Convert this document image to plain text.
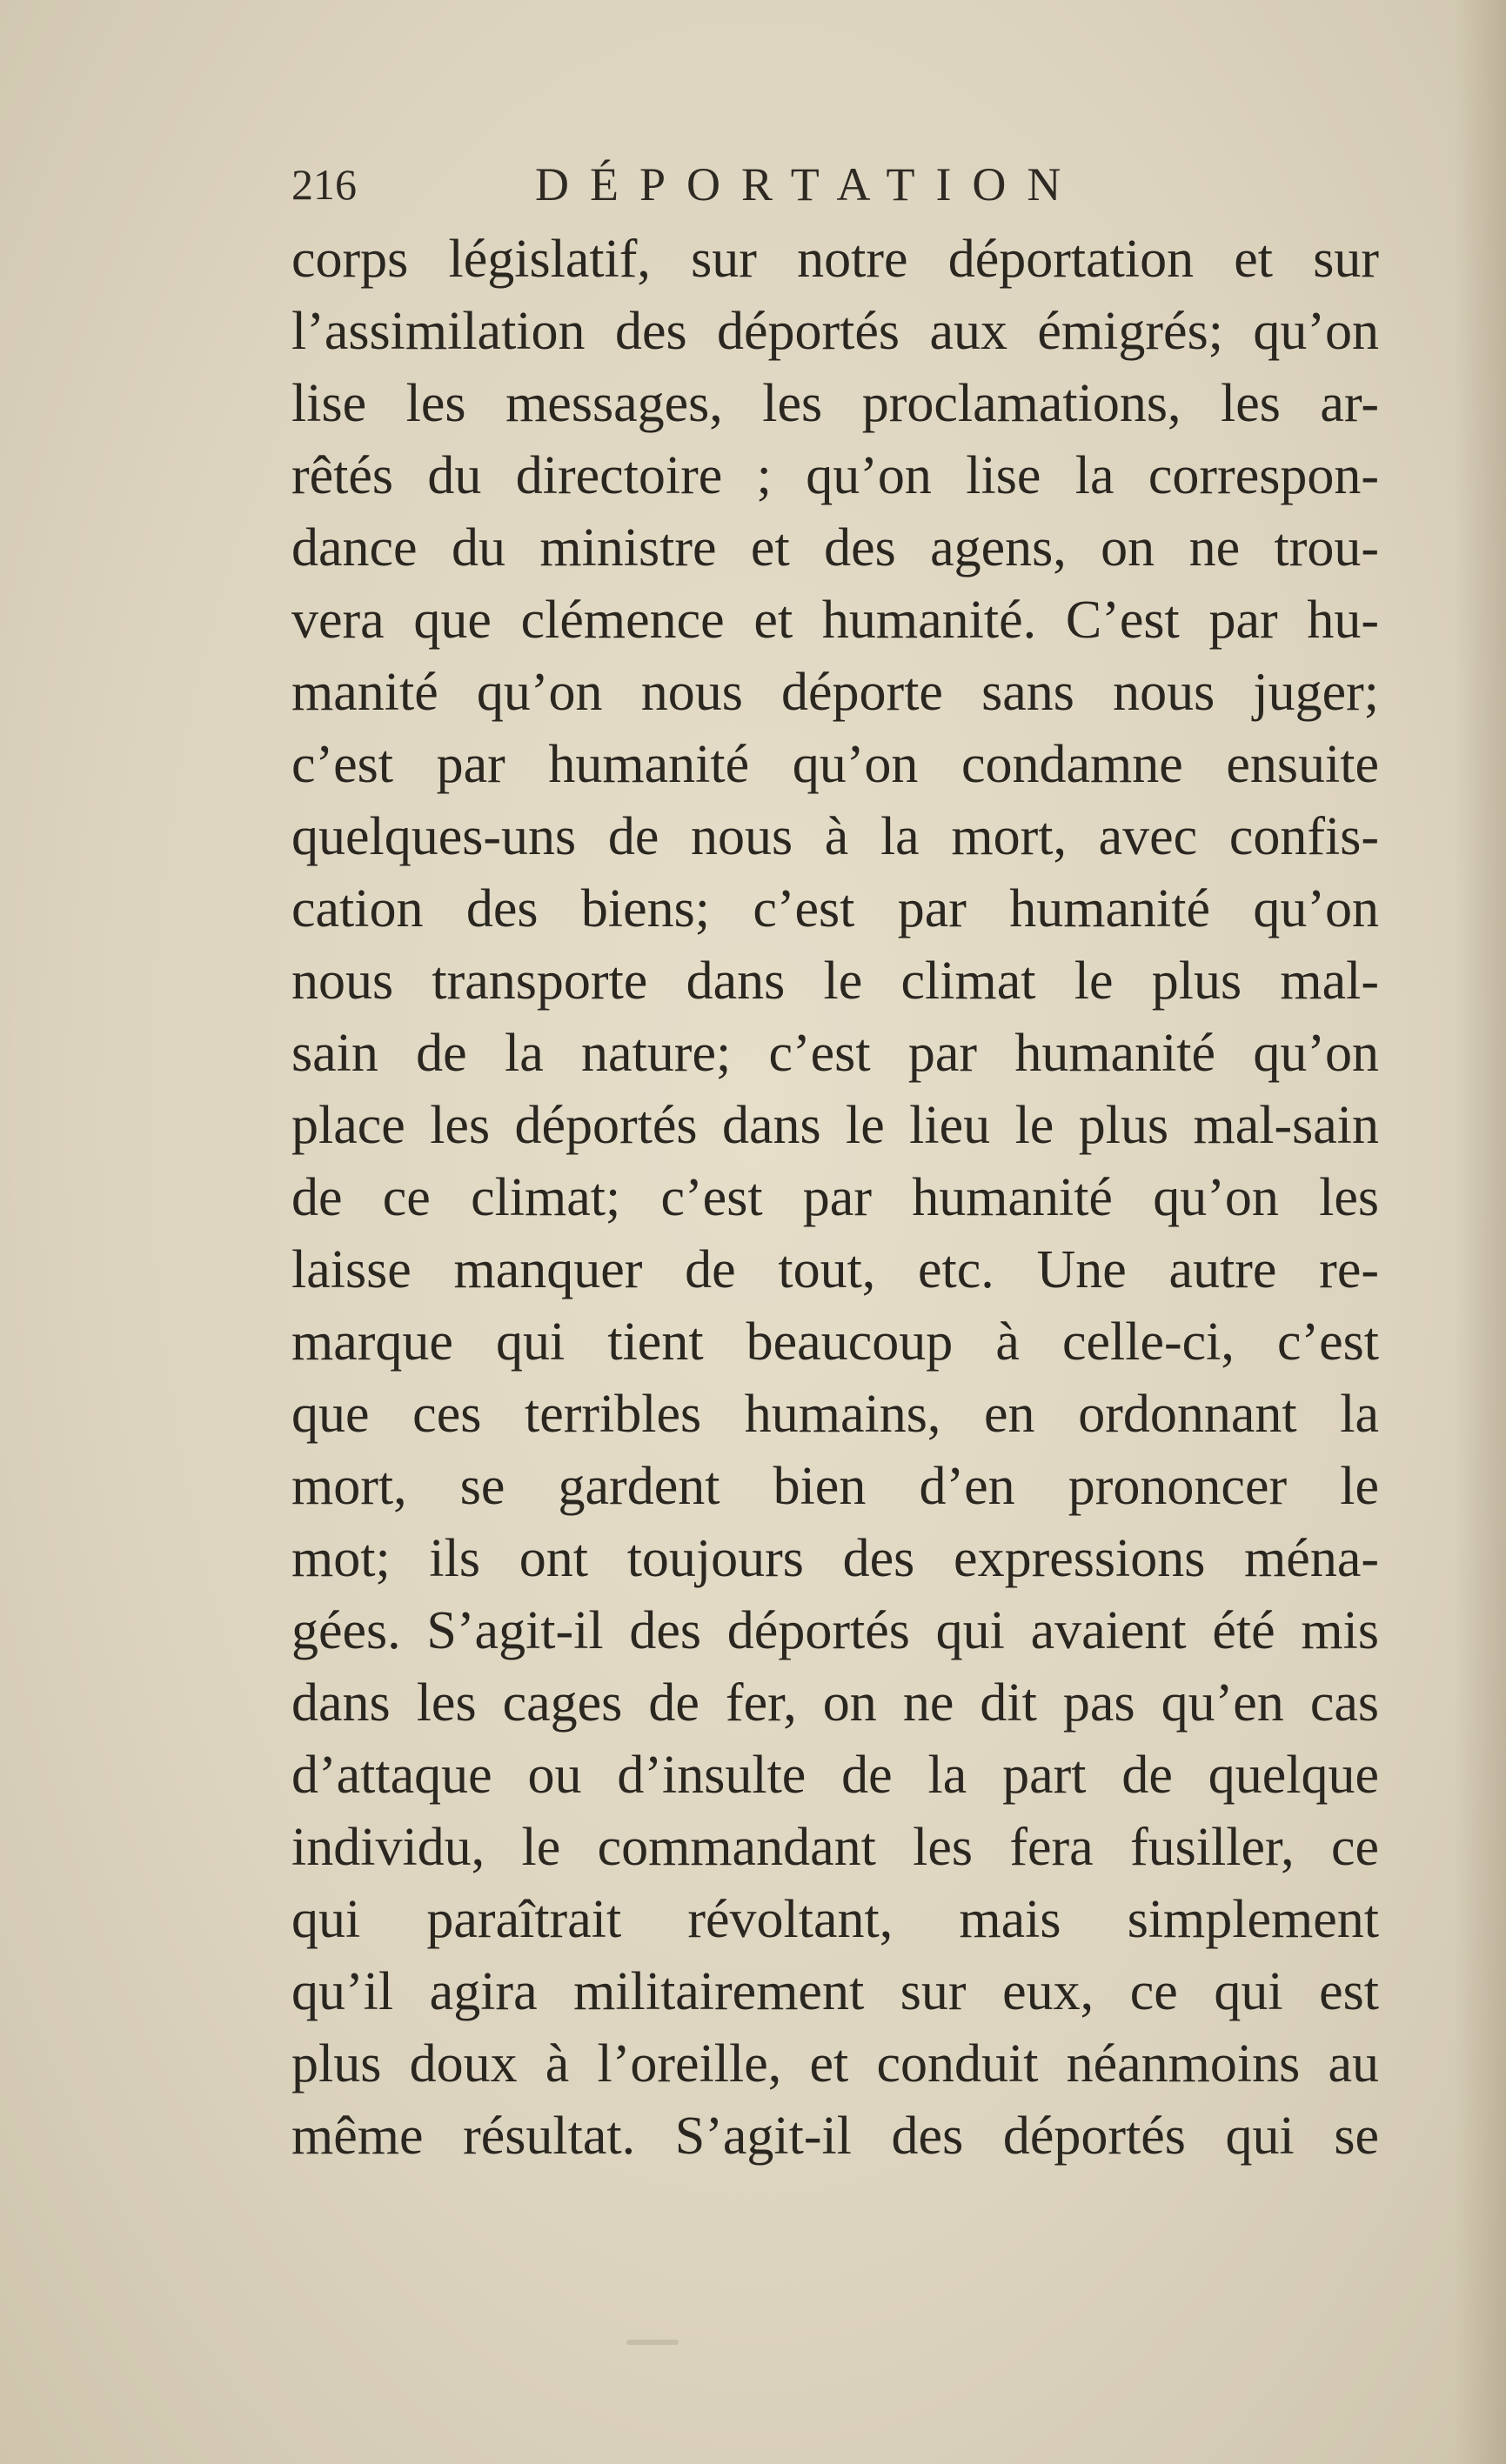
216	DÉPORTATION
corps législatif, sur notre déportation et sur
l’assimilation des déportés aux émigrés; qu’on
lise les messages, les proclamations, les ar-
rêtés du directoire ; qu’on lise la correspon-
dance du ministre et des agens, on ne trou-
vera que clémence et humanité. C’est par hu-
manité qu’on nous déporte sans nous juger;
c’est par humanité qu’on condamne ensuite
quelques-uns de nous à la mort, avec confis-
cation des biens; c’est par humanité qu’on
nous transporte dans le climat le plus mal-
sain de la nature; c’est par humanité qu’on
place les déportés dans le lieu le plus mal-sain
de ce climat; c’est par humanité qu’on les
laisse manquer de tout, etc. Une autre re-
marque qui tient beaucoup à celle-ci, c’est
que ces terribles humains, en ordonnant la
mort, se gardent bien d’en prononcer le
mot; ils ont toujours des expressions ména-
gées. S’agit-il des déportés qui avaient été mis
dans les cages de fer, on ne dit pas qu’en cas
d’attaque ou d’insulte de la part de quelque
individu, le commandant les fera fusiller, ce
qui paraîtrait révoltant, mais simplement
qu’il agira militairement sur eux, ce qui est
plus doux à l’oreille, et conduit néanmoins au
même résultat. S’agit-il des déportés qui se
